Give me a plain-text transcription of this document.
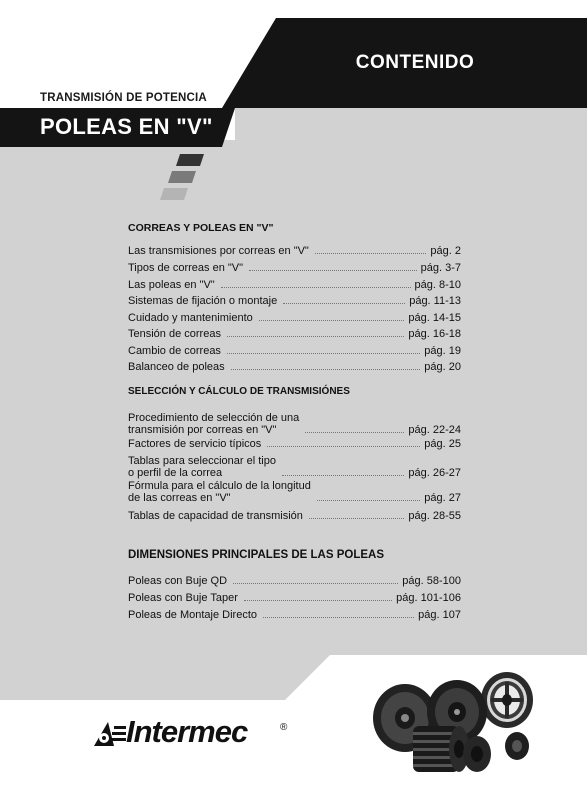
CONTENIDO
TRANSMISIÓN DE POTENCIA
POLEAS EN "V"
CORREAS Y POLEAS EN "V"
Las transmisiones por correas en "V"	pág. 2
Tipos de correas en "V"	pág. 3-7
Las poleas en "V"	pág. 8-10
Sistemas de fijación o montaje	pág. 11-13
Cuidado y mantenimiento	pág. 14-15
Tensión de correas	pág. 16-18
Cambio de correas	pág. 19
Balanceo de poleas	pág. 20
SELECCIÓN Y CÁLCULO DE TRANSMISIÓNES
Procedimiento de selección de una
transmisión por correas en "V"	pág. 22-24
Factores de servicio típicos	pág. 25
Tablas para seleccionar el tipo
o perfil de la correa	pág. 26-27
Fórmula para el cálculo de la longitud
de las correas en "V"	pág. 27
Tablas de capacidad de transmisión	pág. 28-55
DIMENSIONES PRINCIPALES DE LAS POLEAS
Poleas con Buje QD	pág. 58-100
Poleas con Buje Taper	pág. 101-106
Poleas de Montaje Directo	pág. 107
Intermec	®
